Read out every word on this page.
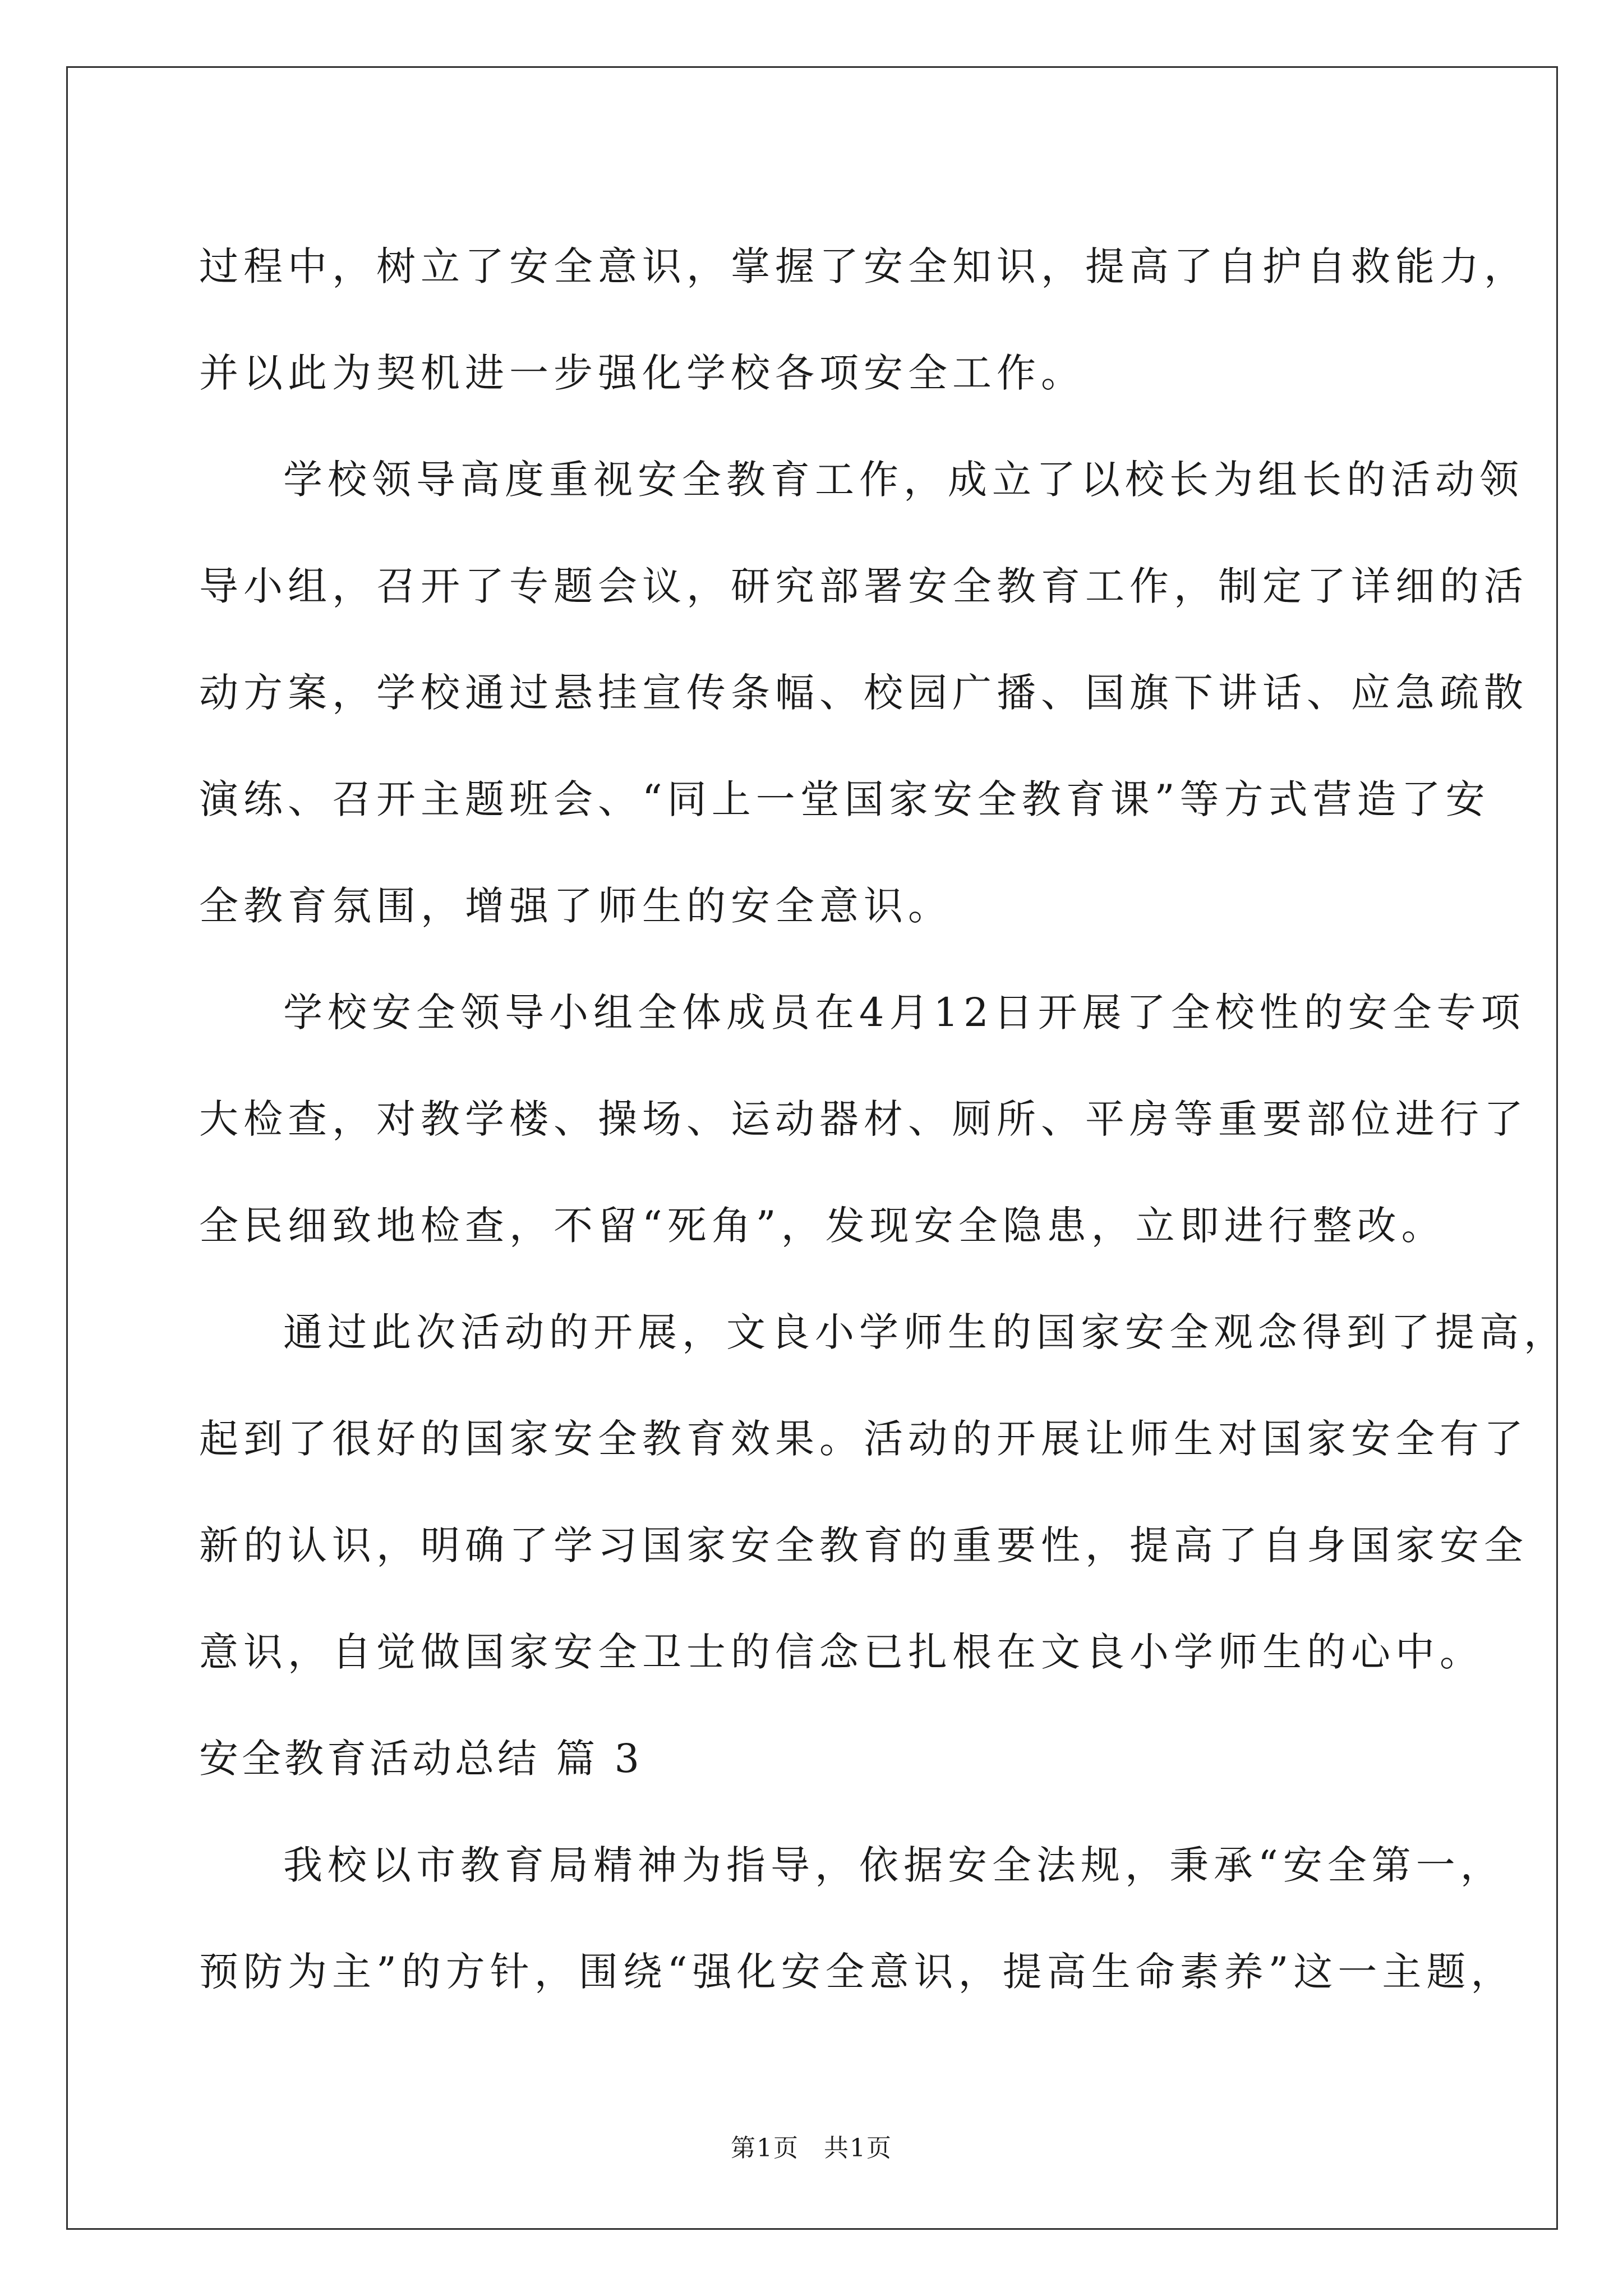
过程中，树立了安全意识，掌握了安全知识，提高了自护自救能力，
并以此为契机进一步强化学校各项安全工作。
学校领导高度重视安全教育工作，成立了以校长为组长的活动领
导小组，召开了专题会议，研究部署安全教育工作，制定了详细的活
动方案，学校通过悬挂宣传条幅、校园广播、国旗下讲话、应急疏散
演练、召开主题班会、“同上一堂国家安全教育课”等方式营造了安
全教育氛围，增强了师生的安全意识。
学校安全领导小组全体成员在4月12日开展了全校性的安全专项
大检查，对教学楼、操场、运动器材、厕所、平房等重要部位进行了
全民细致地检查，不留“死角”，发现安全隐患，立即进行整改。
通过此次活动的开展，文良小学师生的国家安全观念得到了提高，
起到了很好的国家安全教育效果。活动的开展让师生对国家安全有了
新的认识，明确了学习国家安全教育的重要性，提高了自身国家安全
意识，自觉做国家安全卫士的信念已扎根在文良小学师生的心中。
安全教育活动总结 篇 3
我校以市教育局精神为指导，依据安全法规，秉承“安全第一，
预防为主”的方针，围绕“强化安全意识，提高生命素养”这一主题，
第1页 共1页
